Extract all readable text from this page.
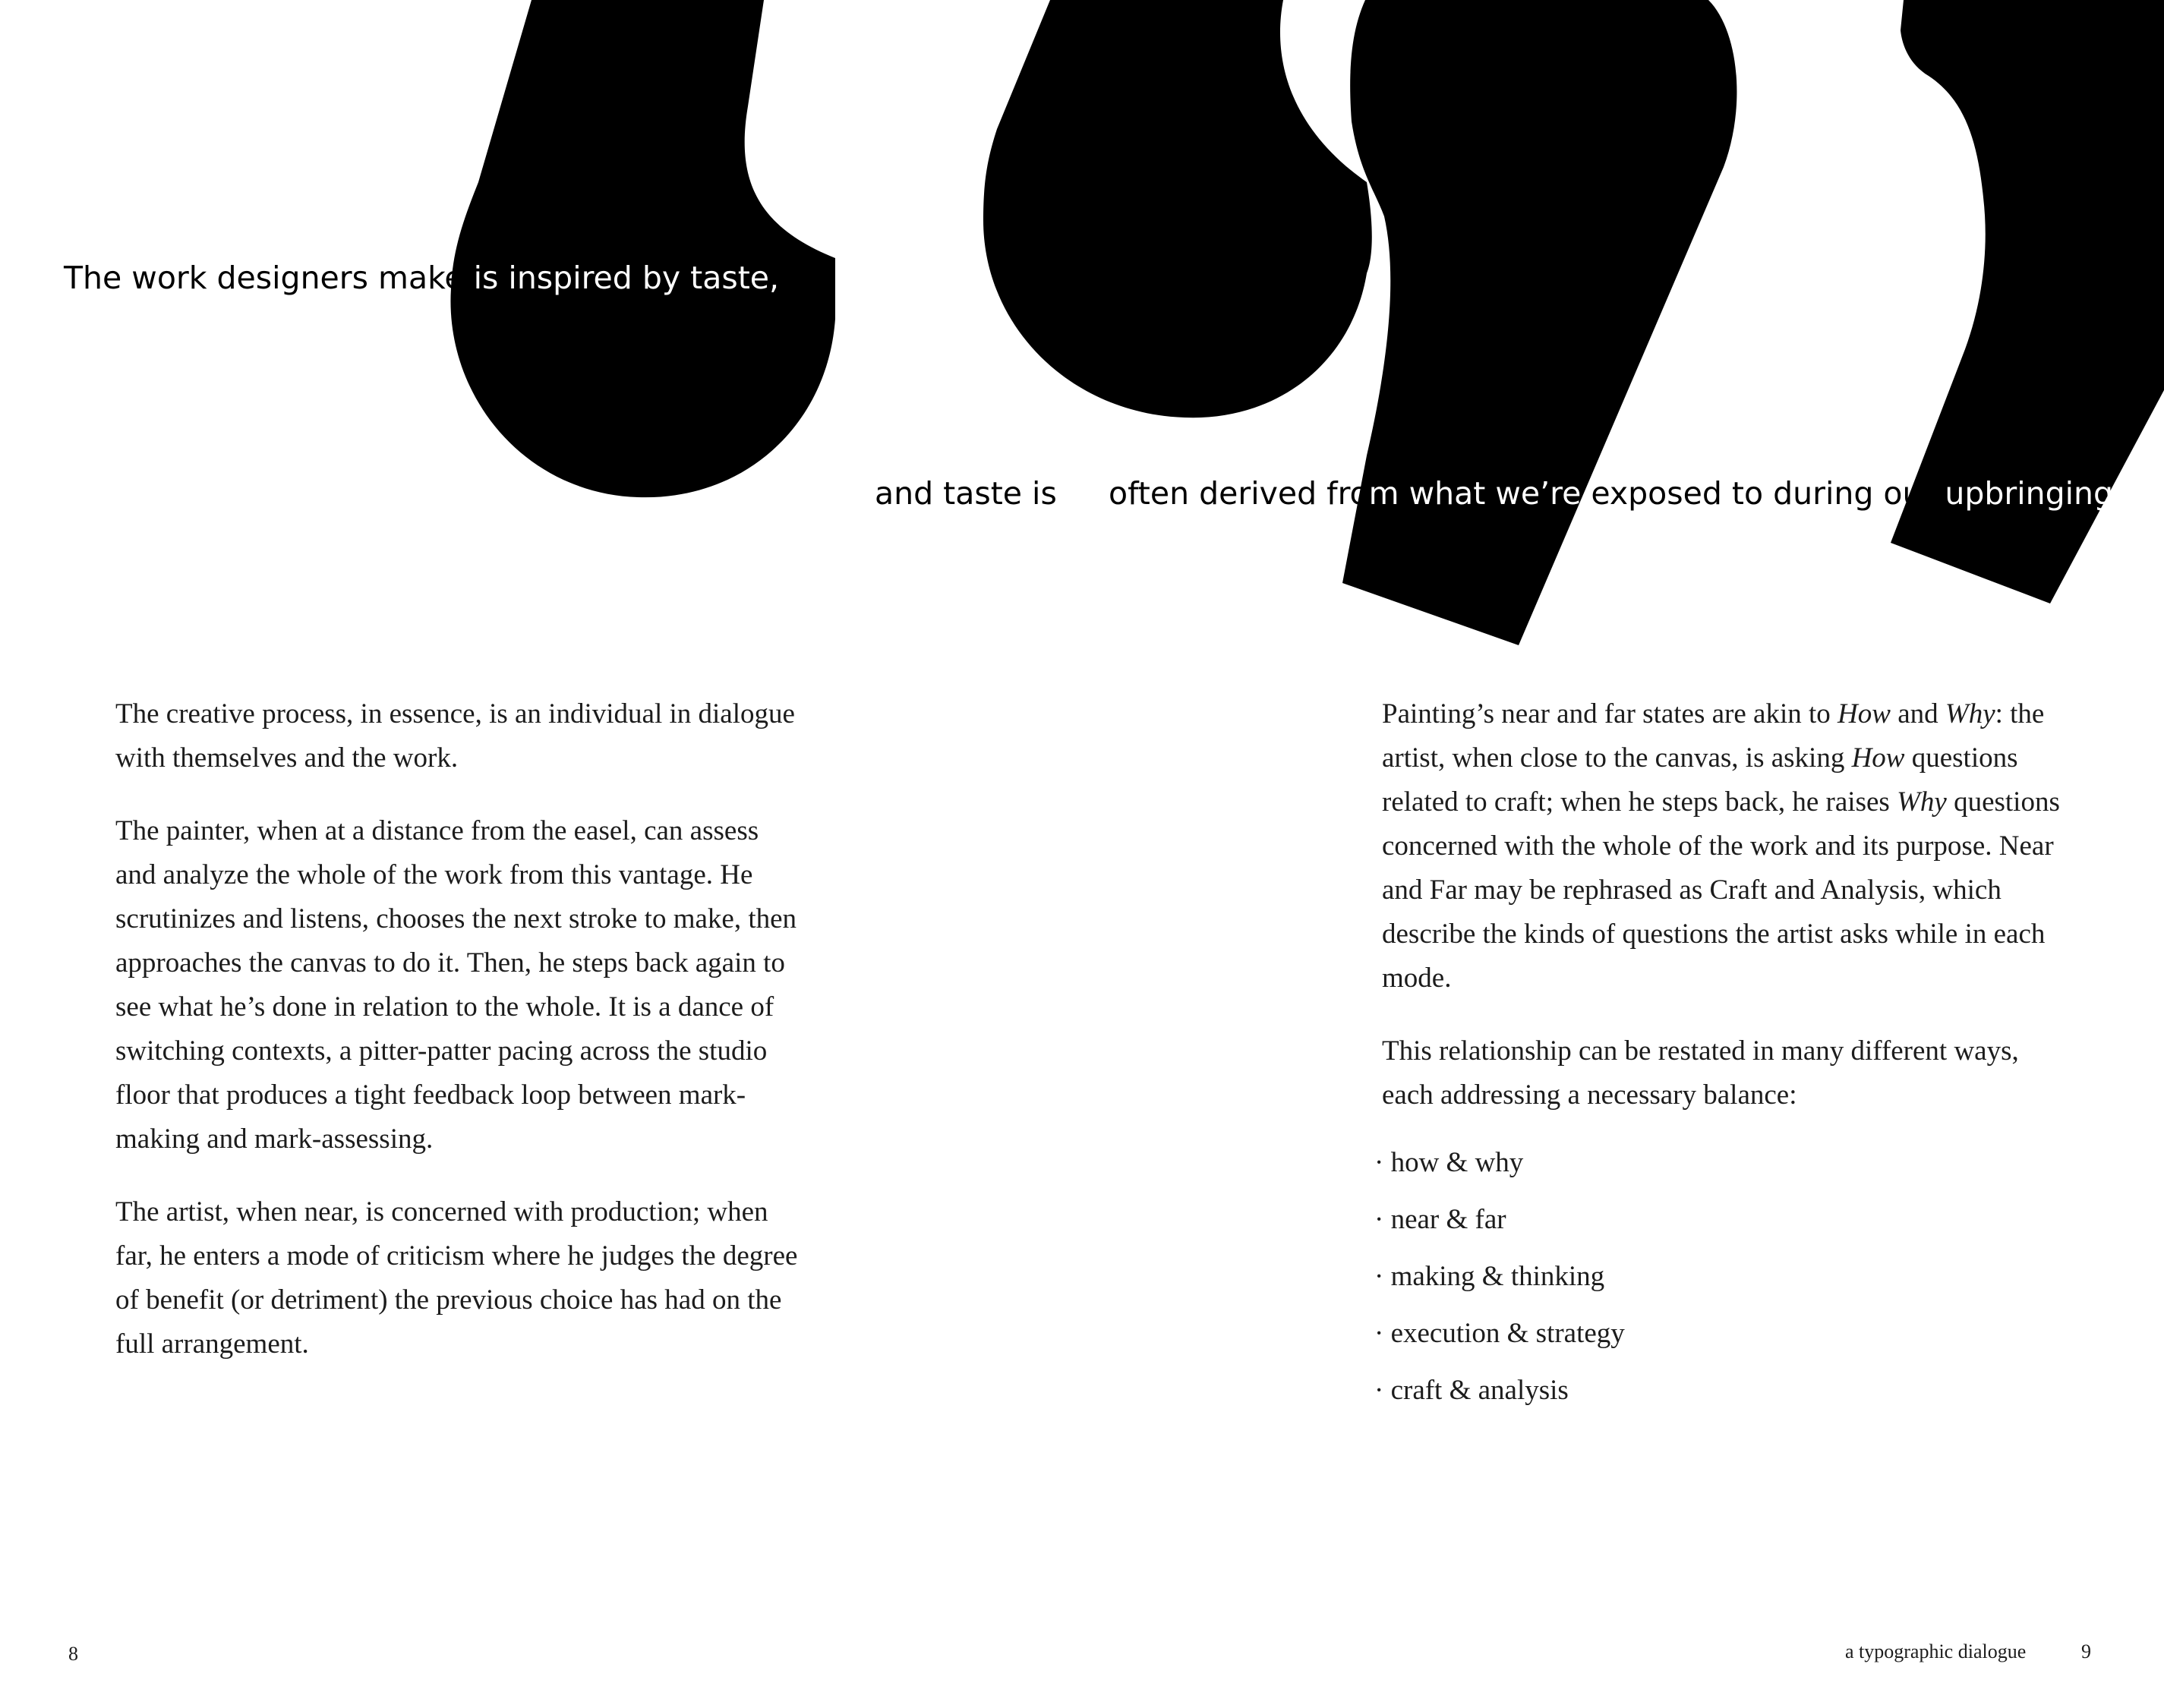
The work designers make is inspired by taste,
and taste is often derived from what we’re exposed to during our upbringing.

The creative process, in essence, is an individual in dialogue with themselves and the work.

The painter, when at a distance from the easel, can assess and analyze the whole of the work from this vantage. He scrutinizes and listens, chooses the next stroke to make, then approaches the canvas to do it. Then, he steps back again to see what he’s done in relation to the whole. It is a dance of switching contexts, a pitter-patter pacing across the studio floor that produces a tight feedback loop between mark-making and mark-assessing.

The artist, when near, is concerned with production; when far, he enters a mode of criticism where he judges the degree of benefit (or detriment) the previous choice has had on the full arrangement.

Painting’s near and far states are akin to How and Why: the artist, when close to the canvas, is asking How questions related to craft; when he steps back, he raises Why questions concerned with the whole of the work and its purpose. Near and Far may be rephrased as Craft and Analysis, which describe the kinds of questions the artist asks while in each mode.

This relationship can be restated in many different ways, each addressing a necessary balance:

· how & why
· near & far
· making & thinking
· execution & strategy
· craft & analysis
8	a typographic dialogue	9
